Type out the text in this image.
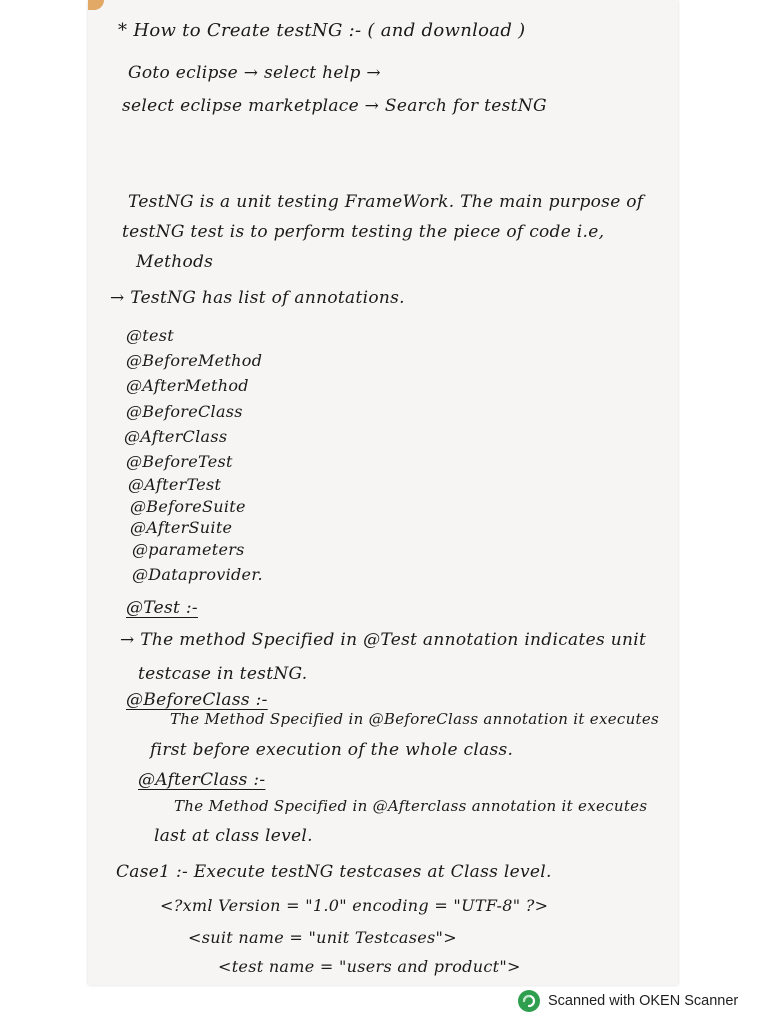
* How to Create testNG :- ( and download )
Goto eclipse → select help →
select eclipse marketplace → Search for testNG
TestNG is a unit testing FrameWork. The main purpose of
testNG test is to perform testing the piece of code i.e,
Methods
→ TestNG has list of annotations.
@test
@BeforeMethod
@AfterMethod
@BeforeClass
@AfterClass
@BeforeTest
@AfterTest
@BeforeSuite
@AfterSuite
@parameters
@Dataprovider.
@Test :-
→ The method Specified in @Test annotation indicates unit
testcase in testNG.
@BeforeClass :-
The Method Specified in @BeforeClass annotation it executes
first before execution of the whole class.
@AfterClass :-
The Method Specified in @Afterclass annotation it executes
last at class level.
Case1 :- Execute testNG testcases at Class level.
<?xml Version = "1.0" encoding = "UTF-8" ?>
<suit name = "unit Testcases">
<test name = "users and product">
Scanned with OKEN Scanner
